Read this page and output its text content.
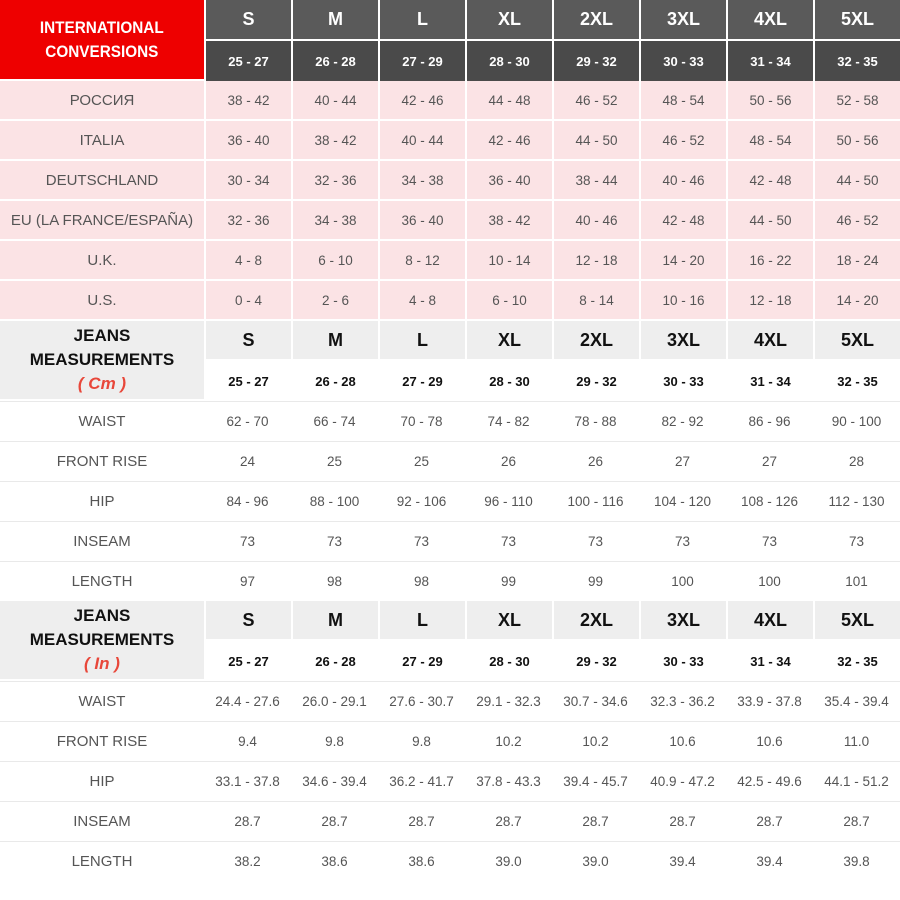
INTERNATIONAL
CONVERSIONS	S	M	L	XL	2XL	3XL	4XL	5XL
	25 - 27	26 - 28	27 - 29	28 - 30	29 - 32	30 - 33	31 - 34	32 - 35
РОССИЯ	38 - 42	40 - 44	42 - 46	44 - 48	46 - 52	48 - 54	50 - 56	52 - 58
ITALIA	36 - 40	38 - 42	40 - 44	42 - 46	44 - 50	46 - 52	48 - 54	50 - 56
DEUTSCHLAND	30 - 34	32 - 36	34 - 38	36 - 40	38 - 44	40 - 46	42 - 48	44 - 50
EU (LA FRANCE/ESPAÑA)	32 - 36	34 - 38	36 - 40	38 - 42	40 - 46	42 - 48	44 - 50	46 - 52
U.K.	4 - 8	6 - 10	8 - 12	10 - 14	12 - 18	14 - 20	16 - 22	18 - 24
U.S.	0 - 4	2 - 6	4 - 8	6 - 10	8 - 14	10 - 16	12 - 18	14 - 20
JEANS
MEASUREMENTS
( Cm )	S	M	L	XL	2XL	3XL	4XL	5XL
	25 - 27	26 - 28	27 - 29	28 - 30	29 - 32	30 - 33	31 - 34	32 - 35
WAIST	62 - 70	66 - 74	70 - 78	74 - 82	78 - 88	82 - 92	86 - 96	90 - 100
FRONT RISE	24	25	25	26	26	27	27	28
HIP	84 - 96	88 - 100	92 - 106	96 - 110	100 - 116	104 - 120	108 - 126	112 - 130
INSEAM	73	73	73	73	73	73	73	73
LENGTH	97	98	98	99	99	100	100	101
JEANS
MEASUREMENTS
( In )	S	M	L	XL	2XL	3XL	4XL	5XL
	25 - 27	26 - 28	27 - 29	28 - 30	29 - 32	30 - 33	31 - 34	32 - 35
WAIST	24.4 - 27.6	26.0 - 29.1	27.6 - 30.7	29.1 - 32.3	30.7 - 34.6	32.3 - 36.2	33.9 - 37.8	35.4 - 39.4
FRONT RISE	9.4	9.8	9.8	10.2	10.2	10.6	10.6	11.0
HIP	33.1 - 37.8	34.6 - 39.4	36.2 - 41.7	37.8 - 43.3	39.4 - 45.7	40.9 - 47.2	42.5 - 49.6	44.1 - 51.2
INSEAM	28.7	28.7	28.7	28.7	28.7	28.7	28.7	28.7
LENGTH	38.2	38.6	38.6	39.0	39.0	39.4	39.4	39.8
